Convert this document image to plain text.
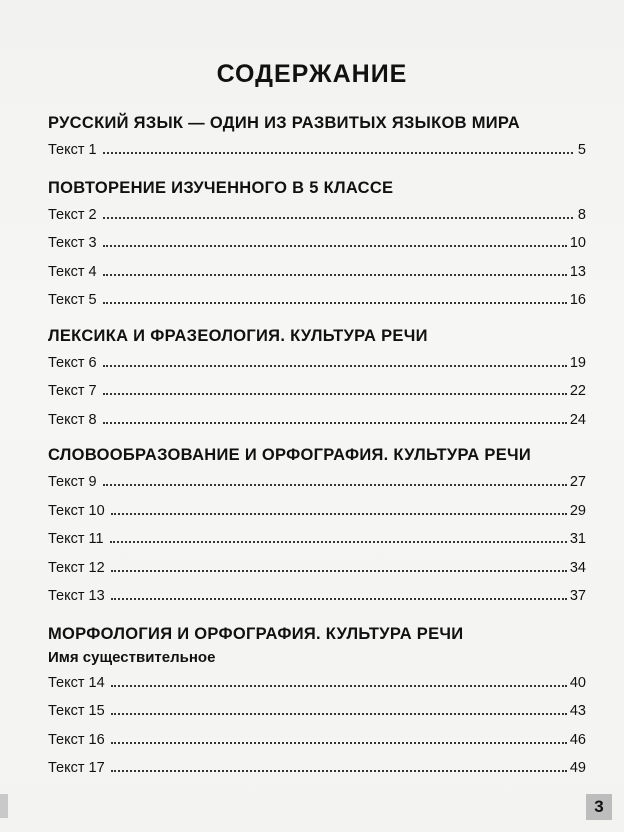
СОДЕРЖАНИЕ
РУССКИЙ ЯЗЫК — ОДИН ИЗ РАЗВИТЫХ ЯЗЫКОВ МИРА
Текст 1	5
ПОВТОРЕНИЕ ИЗУЧЕННОГО В 5 КЛАССЕ
Текст 2	8
Текст 3	10
Текст 4	13
Текст 5	16
ЛЕКСИКА И ФРАЗЕОЛОГИЯ. КУЛЬТУРА РЕЧИ
Текст 6	19
Текст 7	22
Текст 8	24
СЛОВООБРАЗОВАНИЕ И ОРФОГРАФИЯ. КУЛЬТУРА РЕЧИ
Текст 9	27
Текст 10	29
Текст 11	31
Текст 12	34
Текст 13	37
МОРФОЛОГИЯ И ОРФОГРАФИЯ. КУЛЬТУРА РЕЧИ
Имя существительное
Текст 14	40
Текст 15	43
Текст 16	46
Текст 17	49
3
